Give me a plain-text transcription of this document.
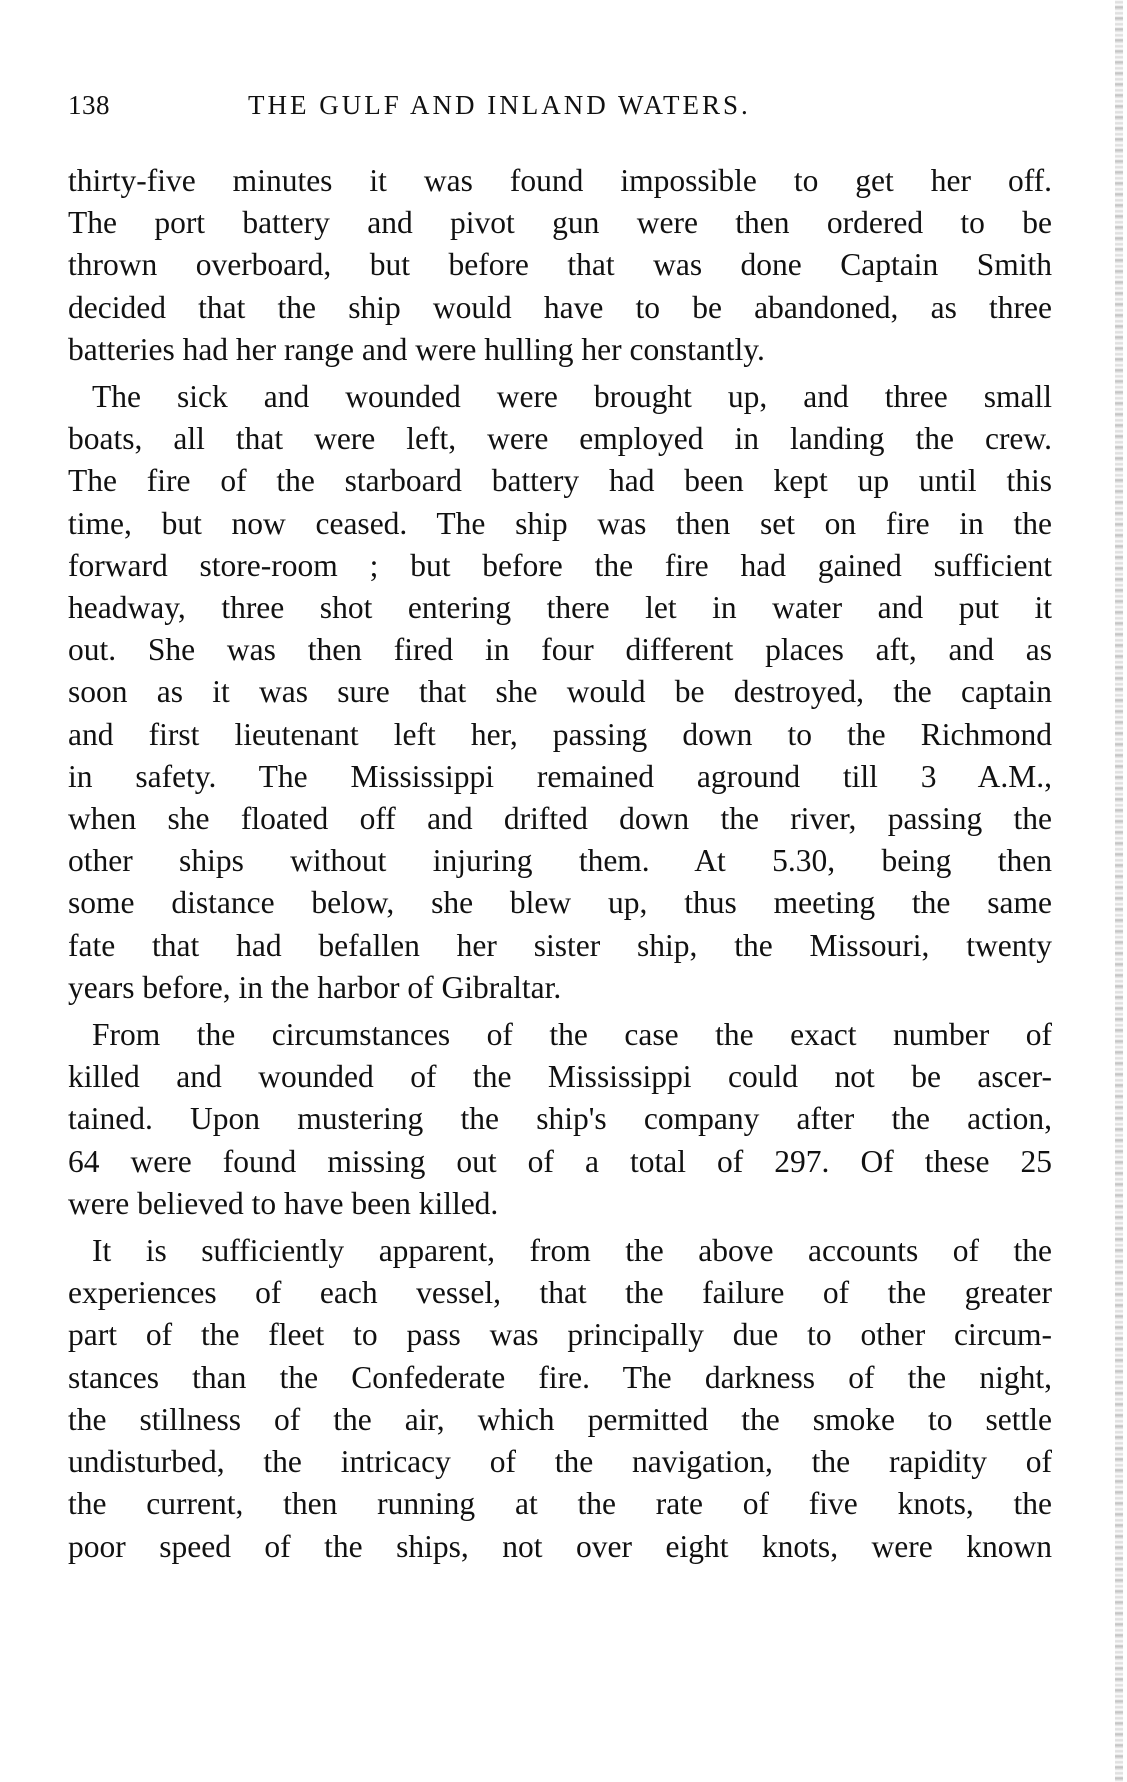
138	THE GULF AND INLAND WATERS.
thirty-five minutes it was found impossible to get her off.
The port battery and pivot gun were then ordered to be
thrown overboard, but before that was done Captain Smith
decided that the ship would have to be abandoned, as three
batteries had her range and were hulling her constantly.
The sick and wounded were brought up, and three small
boats, all that were left, were employed in landing the crew.
The fire of the starboard battery had been kept up until this
time, but now ceased. The ship was then set on fire in the
forward store-room ; but before the fire had gained sufficient
headway, three shot entering there let in water and put it
out. She was then fired in four different places aft, and as
soon as it was sure that she would be destroyed, the captain
and first lieutenant left her, passing down to the Richmond
in safety. The Mississippi remained aground till 3 A.M.,
when she floated off and drifted down the river, passing the
other ships without injuring them. At 5.30, being then
some distance below, she blew up, thus meeting the same
fate that had befallen her sister ship, the Missouri, twenty
years before, in the harbor of Gibraltar.
From the circumstances of the case the exact number of
killed and wounded of the Mississippi could not be ascer-
tained. Upon mustering the ship's company after the action,
64 were found missing out of a total of 297. Of these 25
were believed to have been killed.
It is sufficiently apparent, from the above accounts of the
experiences of each vessel, that the failure of the greater
part of the fleet to pass was principally due to other circum-
stances than the Confederate fire. The darkness of the night,
the stillness of the air, which permitted the smoke to settle
undisturbed, the intricacy of the navigation, the rapidity of
the current, then running at the rate of five knots, the
poor speed of the ships, not over eight knots, were known
